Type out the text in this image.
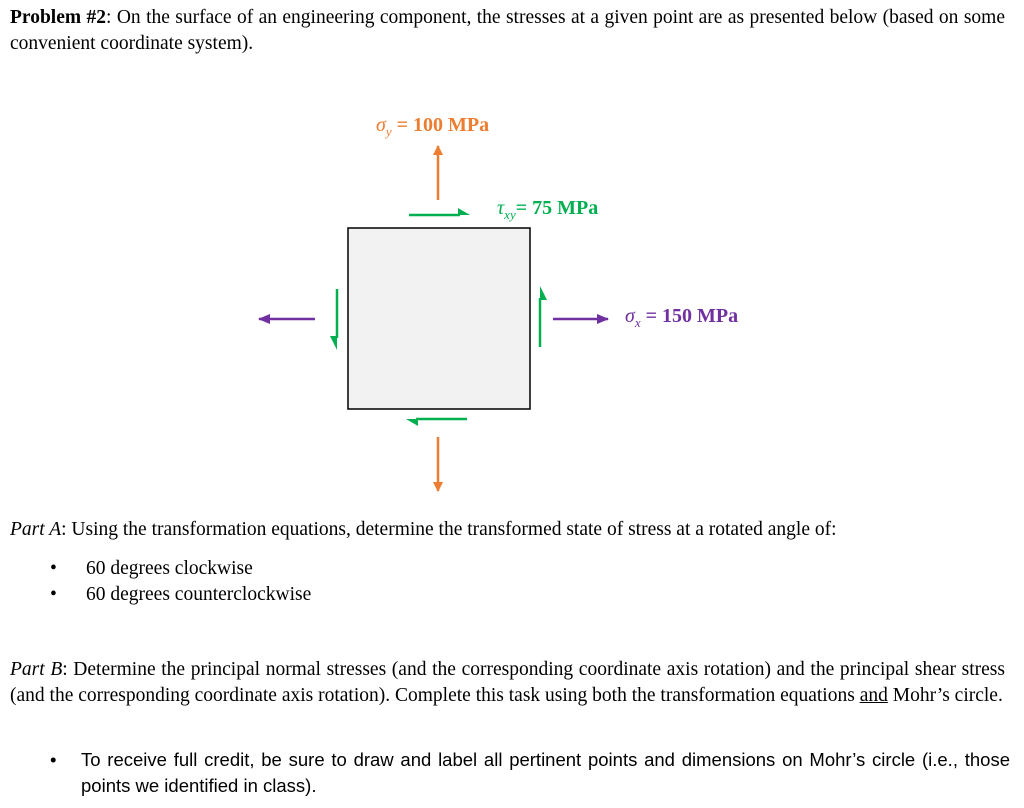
Problem #2: On the surface of an engineering component, the stresses at a given point are as presented below (based on some convenient coordinate system).

$\sigma_y = 100$ MPa
$\tau_{xy}= 75$ MPa
$\sigma_x = 150$ MPa

Part A: Using the transformation equations, determine the transformed state of stress at a rotated angle of:

• 60 degrees clockwise
• 60 degrees counterclockwise

Part B: Determine the principal normal stresses (and the corresponding coordinate axis rotation) and the principal shear stress (and the corresponding coordinate axis rotation). Complete this task using both the transformation equations and Mohr’s circle.

• To receive full credit, be sure to draw and label all pertinent points and dimensions on Mohr’s circle (i.e., those points we identified in class).
